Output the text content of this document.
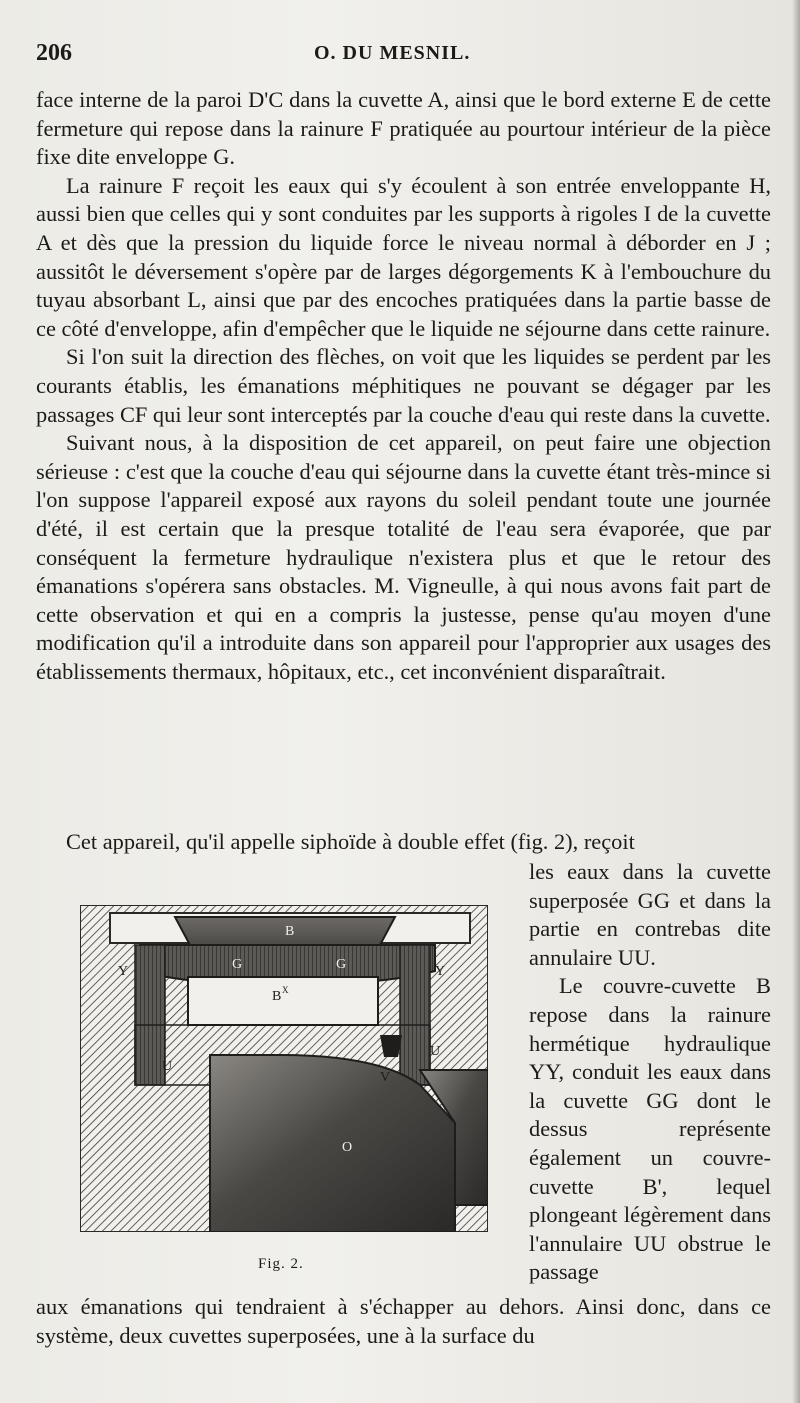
206	O. DU MESNIL.

face interne de la paroi D'C dans la cuvette A, ainsi que le bord externe E de cette fermeture qui repose dans la rainure F pratiquée au pourtour intérieur de la pièce fixe dite enveloppe G.

La rainure F reçoit les eaux qui s'y écoulent à son entrée enveloppante H, aussi bien que celles qui y sont conduites par les supports à rigoles I de la cuvette A et dès que la pression du liquide force le niveau normal à déborder en J ; aussitôt le déversement s'opère par de larges dégorgements K à l'embouchure du tuyau absorbant L, ainsi que par des encoches pratiquées dans la partie basse de ce côté d'enveloppe, afin d'empêcher que le liquide ne séjourne dans cette rainure.

Si l'on suit la direction des flèches, on voit que les liquides se perdent par les courants établis, les émanations méphitiques ne pouvant se dégager par les passages CF qui leur sont interceptés par la couche d'eau qui reste dans la cuvette.

Suivant nous, à la disposition de cet appareil, on peut faire une objection sérieuse : c'est que la couche d'eau qui séjourne dans la cuvette étant très-mince si l'on suppose l'appareil exposé aux rayons du soleil pendant toute une journée d'été, il est certain que la presque totalité de l'eau sera évaporée, que par conséquent la fermeture hydraulique n'existera plus et que le retour des émanations s'opérera sans obstacles. M. Vigneulle, à qui nous avons fait part de cette observation et qui en a compris la justesse, pense qu'au moyen d'une modification qu'il a introduite dans son appareil pour l'approprier aux usages des établissements thermaux, hôpitaux, etc., cet inconvénient disparaîtrait.

Cet appareil, qu'il appelle siphoïde à double effet (fig. 2), reçoit

les eaux dans la cuvette superposée GG et dans la partie en contrebas dite annulaire UU.

Le couvre-cuvette B repose dans la rainure hermétique hydraulique YY, conduit les eaux dans la cuvette GG dont le dessus représente également un couvre-cuvette B', lequel plongeant légèrement dans l'annulaire UU obstrue le passage

B
G	G
O
B X
Y	Y
U
U
V
Fig. 2.

aux émanations qui tendraient à s'échapper au dehors. Ainsi donc, dans ce système, deux cuvettes superposées, une à la surface du
